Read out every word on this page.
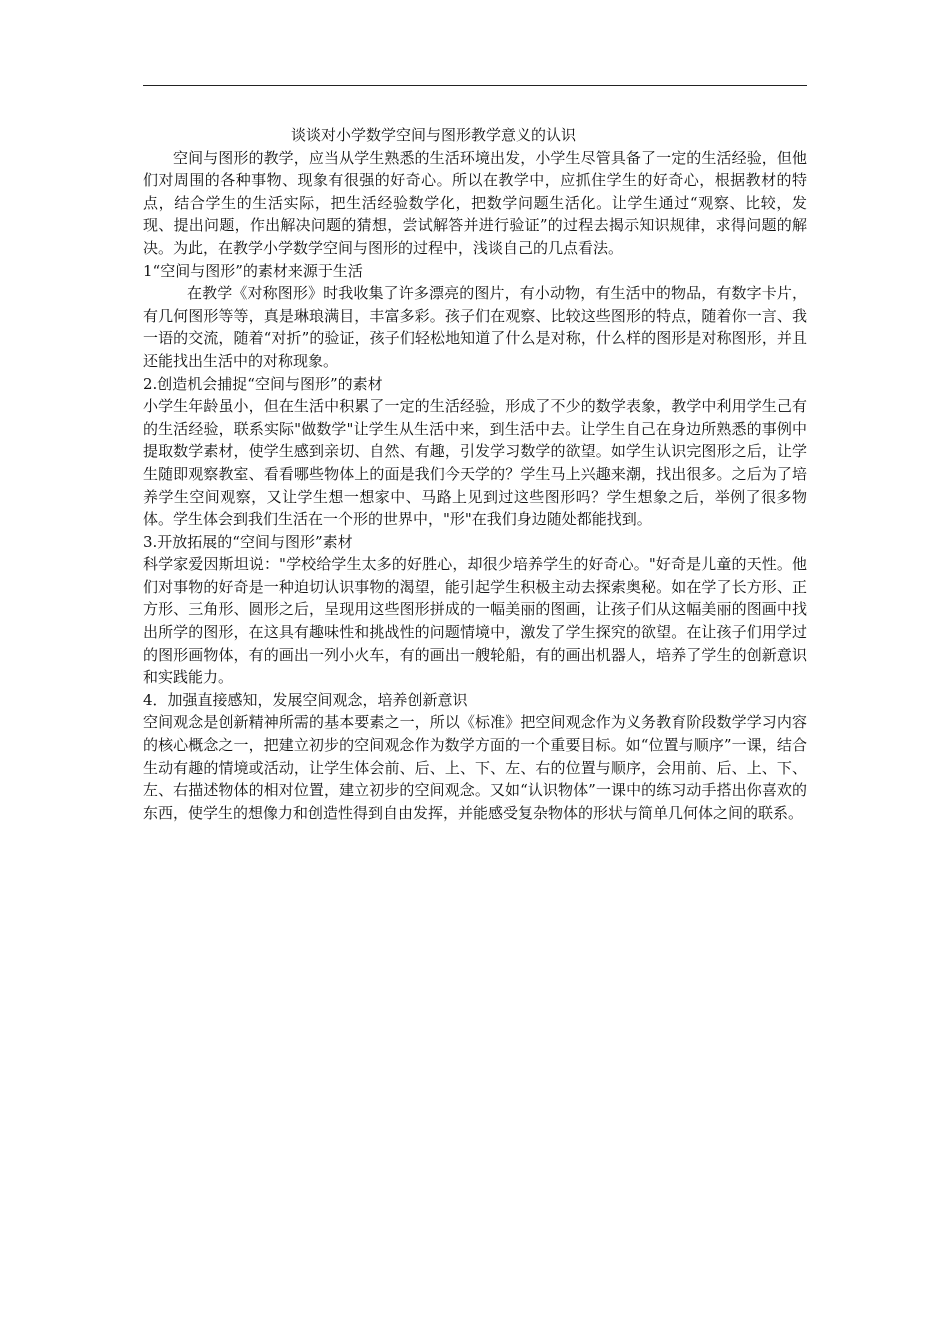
谈谈对小学数学空间与图形教学意义的认识

空间与图形的教学，应当从学生熟悉的生活环境出发，小学生尽管具备了一定的生活经验，但他们对周围的各种事物、现象有很强的好奇心。所以在教学中，应抓住学生的好奇心，根据教材的特点，结合学生的生活实际，把生活经验数学化，把数学问题生活化。让学生通过“观察、比较，发现、提出问题，作出解决问题的猜想，尝试解答并进行验证”的过程去揭示知识规律，求得问题的解决。为此，在教学小学数学空间与图形的过程中，浅谈自己的几点看法。

1“空间与图形”的素材来源于生活

在教学《对称图形》时我收集了许多漂亮的图片，有小动物，有生活中的物品，有数字卡片，有几何图形等等，真是琳琅满目，丰富多彩。孩子们在观察、比较这些图形的特点，随着你一言、我一语的交流，随着“对折”的验证，孩子们轻松地知道了什么是对称，什么样的图形是对称图形，并且还能找出生活中的对称现象。

2.创造机会捕捉“空间与图形”的素材

小学生年龄虽小，但在生活中积累了一定的生活经验，形成了不少的数学表象，教学中利用学生己有的生活经验，联系实际"做数学"让学生从生活中来，到生活中去。让学生自己在身边所熟悉的事例中提取数学素材，使学生感到亲切、自然、有趣，引发学习数学的欲望。如学生认识完图形之后，让学生随即观察教室、看看哪些物体上的面是我们今天学的？学生马上兴趣来潮，找出很多。之后为了培养学生空间观察，又让学生想一想家中、马路上见到过这些图形吗？学生想象之后，举例了很多物体。学生体会到我们生活在一个形的世界中，"形"在我们身边随处都能找到。

3.开放拓展的“空间与图形”素材

科学家爱因斯坦说："学校给学生太多的好胜心，却很少培养学生的好奇心。"好奇是儿童的天性。他们对事物的好奇是一种迫切认识事物的渴望，能引起学生积极主动去探索奥秘。如在学了长方形、正方形、三角形、圆形之后，呈现用这些图形拼成的一幅美丽的图画，让孩子们从这幅美丽的图画中找出所学的图形，在这具有趣味性和挑战性的问题情境中，激发了学生探究的欲望。在让孩子们用学过的图形画物体，有的画出一列小火车，有的画出一艘轮船，有的画出机器人，培养了学生的创新意识和实践能力。

4．加强直接感知，发展空间观念，培养创新意识

空间观念是创新精神所需的基本要素之一，所以《标准》把空间观念作为义务教育阶段数学学习内容的核心概念之一，把建立初步的空间观念作为数学方面的一个重要目标。如“位置与顺序”一课，结合生动有趣的情境或活动，让学生体会前、后、上、下、左、右的位置与顺序，会用前、后、上、下、左、右描述物体的相对位置，建立初步的空间观念。又如“认识物体”一课中的练习动手搭出你喜欢的东西，使学生的想像力和创造性得到自由发挥，并能感受复杂物体的形状与简单几何体之间的联系。
